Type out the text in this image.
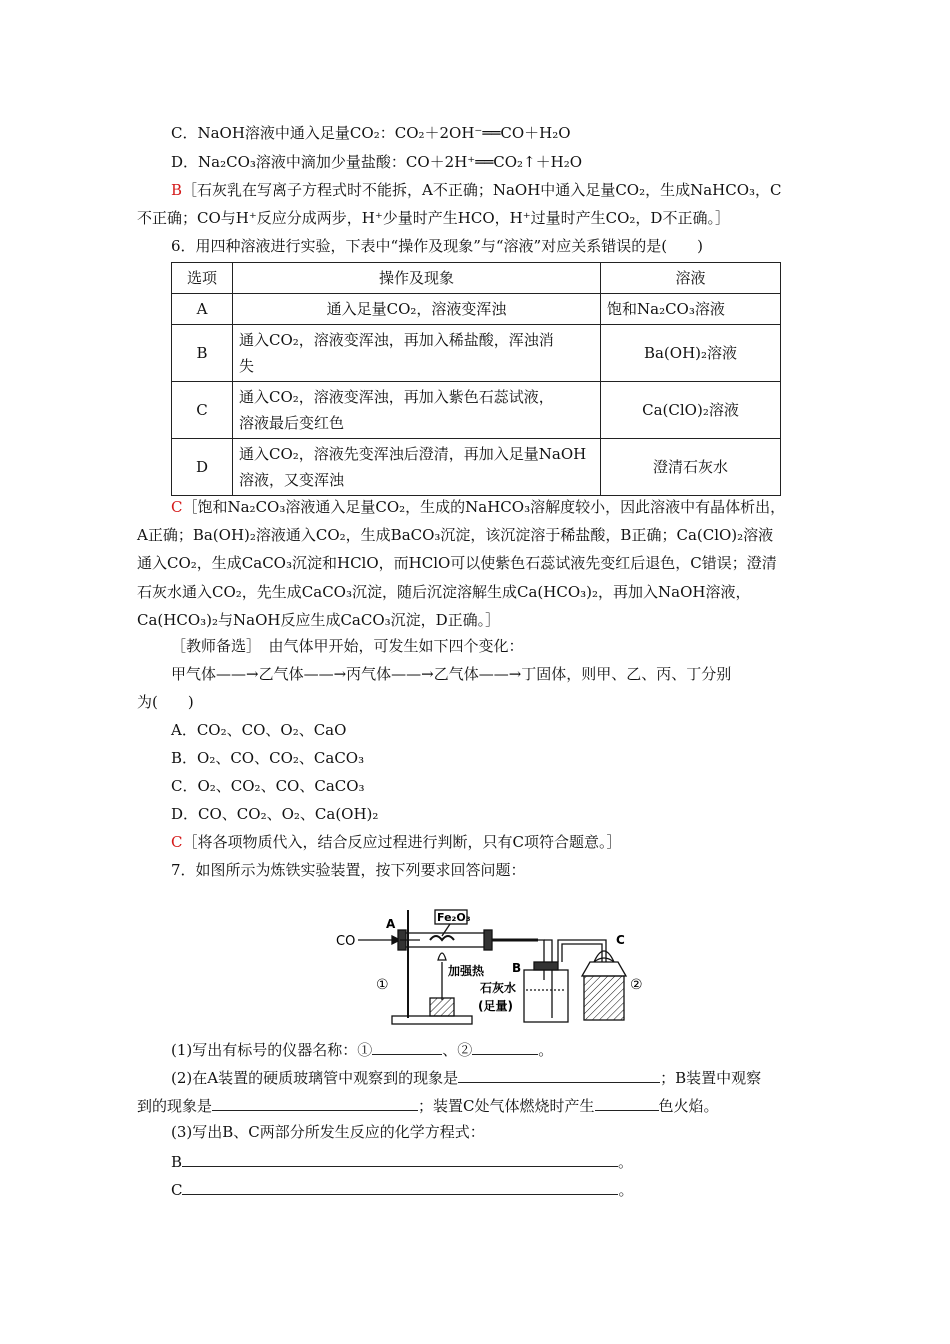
C．NaOH溶液中通入足量CO₂：CO₂＋2OH⁻══CO＋H₂O
D．Na₂CO₃溶液中滴加少量盐酸：CO＋2H⁺══CO₂↑＋H₂O
B［石灰乳在写离子方程式时不能拆，A不正确；NaOH中通入足量CO₂，生成NaHCO₃，C
不正确；CO与H⁺反应分成两步，H⁺少量时产生HCO，H⁺过量时产生CO₂，D不正确。］
6．用四种溶液进行实验，下表中“操作及现象”与“溶液”对应关系错误的是(　　)
选项	操作及现象	溶液
A	通入足量CO₂，溶液变浑浊	饱和Na₂CO₃溶液
B	通入CO₂，溶液变浑浊，再加入稀盐酸，浑浊消
失	Ba(OH)₂溶液
C	通入CO₂，溶液变浑浊，再加入紫色石蕊试液，
溶液最后变红色	Ca(ClO)₂溶液
D	通入CO₂，溶液先变浑浊后澄清，再加入足量NaOH
溶液，又变浑浊	澄清石灰水
C［饱和Na₂CO₃溶液通入足量CO₂，生成的NaHCO₃溶解度较小，因此溶液中有晶体析出，
A正确；Ba(OH)₂溶液通入CO₂，生成BaCO₃沉淀，该沉淀溶于稀盐酸，B正确；Ca(ClO)₂溶液
通入CO₂，生成CaCO₃沉淀和HClO，而HClO可以使紫色石蕊试液先变红后退色，C错误；澄清
石灰水通入CO₂，先生成CaCO₃沉淀，随后沉淀溶解生成Ca(HCO₃)₂，再加入NaOH溶液，
Ca(HCO₃)₂与NaOH反应生成CaCO₃沉淀，D正确。］
［教师备选］　由气体甲开始，可发生如下四个变化：
甲气体——→乙气体——→丙气体——→乙气体——→丁固体，则甲、乙、丙、丁分别
为(　　)
A．CO₂、CO、O₂、CaO
B．O₂、CO、CO₂、CaCO₃
C．O₂、CO₂、CO、CaCO₃
D．CO、CO₂、O₂、Ca(OH)₂
C［将各项物质代入，结合反应过程进行判断，只有C项符合题意。］
7．如图所示为炼铁实验装置，按下列要求回答问题：
CO
A	Fe₂O₃
加强热 B
C
①	②
石灰水
(足量)
(1)写出有标号的仪器名称：①	、②	。
(2)在A装置的硬质玻璃管中观察到的现象是	；B装置中观察
到的现象是	；装置C处气体燃烧时产生	色火焰。
(3)写出B、C两部分所发生反应的化学方程式：
B	。
C	。
